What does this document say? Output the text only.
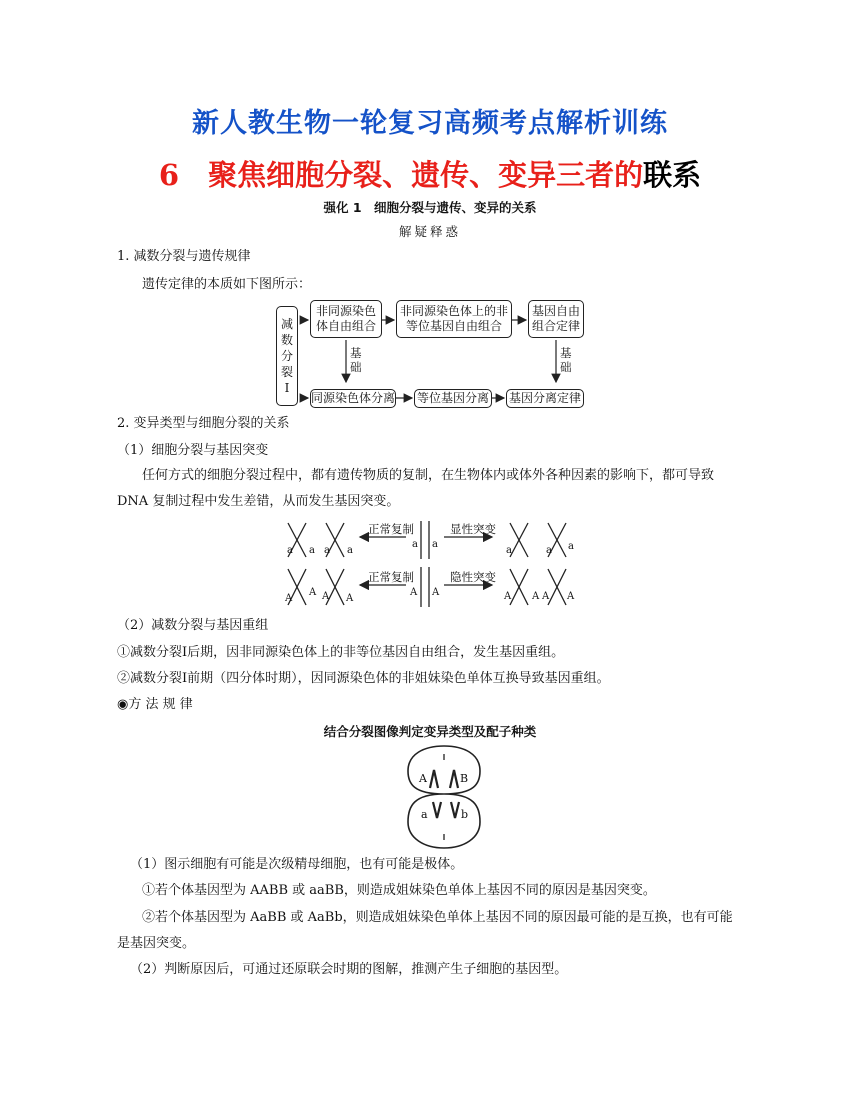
新人教生物一轮复习高频考点解析训练
6　聚焦细胞分裂、遗传、变异三者的联系
强化 1　细胞分裂与遗传、变异的关系
解疑释惑
1. 减数分裂与遗传规律
遗传定律的本质如下图所示：
减数分裂Ⅰ
非同源染色体自由组合
非同源染色体上的非等位基因自由组合
基因自由组合定律
同源染色体分离 等位基因分离 基因分离定律
基础
基础
2. 变异类型与细胞分裂的关系
（1）细胞分裂与基因突变
任何方式的细胞分裂过程中，都有遗传物质的复制，在生物体内或体外各种因素的影响下，都可导致
DNA 复制过程中发生差错，从而发生基因突变。
a a a a
a a
a	a a
A
A A A
A A	A A A A
正常复制	显性突变
正常复制	隐性突变
（2）减数分裂与基因重组
①减数分裂Ⅰ后期，因非同源染色体上的非等位基因自由组合，发生基因重组。
②减数分裂Ⅰ前期（四分体时期），因同源染色体的非姐妹染色单体互换导致基因重组。
◉方 法 规 律
结合分裂图像判定变异类型及配子种类
A	B
a	b
（1）图示细胞有可能是次级精母细胞，也有可能是极体。
①若个体基因型为 AABB 或 aaBB，则造成姐妹染色单体上基因不同的原因是基因突变。
②若个体基因型为 AaBB 或 AaBb，则造成姐妹染色单体上基因不同的原因最可能的是互换，也有可能
是基因突变。
（2）判断原因后，可通过还原联会时期的图解，推测产生子细胞的基因型。
